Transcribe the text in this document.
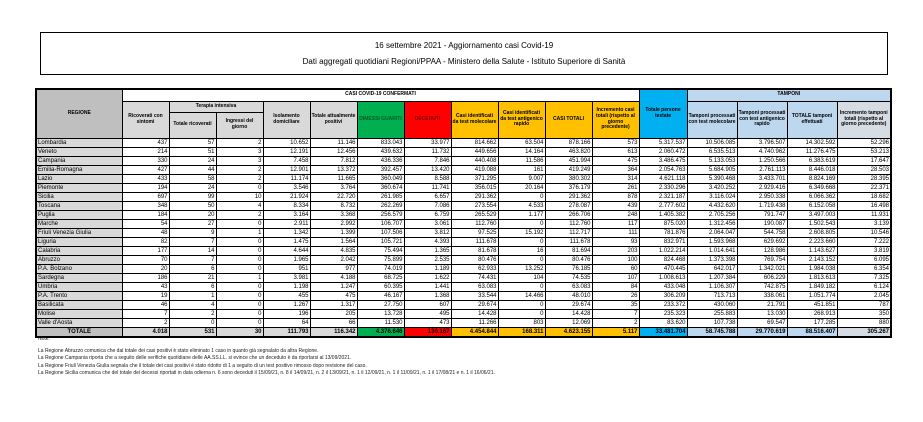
16 settembre 2021 - Aggiornamento casi Covid-19
Dati aggregati quotidiani Regioni/PPAA - Ministero della Salute - Istituto Superiore di Sanità
REGIONE	CASI COVID-19 CONFERMATI											Totale persone testate	TAMPONI			
	Ricoverati con sintomi	Terapia intensiva		Isolamento domiciliare	Totale attualmente positivi	DIMESSI GUARITI	DECEDUTI	Casi identificati da test molecolare	Casi identificati da test antigenico rapido	CASI TOTALI	Incremento casi totali (rispetto al giorno precedente)		Tamponi processati con test molecolare	Tamponi processati con test antigenico rapido	TOTALE tamponi effettuati	Incremento tamponi totali (rispetto al giorno precedente)
		Totale ricoverati	Ingressi del giorno													
Lombardia	437	57	2	10.652	11.146	833.043	33.977	814.662	63.504	878.166	573	5.317.537	10.506.085	3.796.507	14.302.592	52.296
Veneto	214	51	3	12.191	12.456	439.632	11.732	449.656	14.164	463.820	613	2.060.472	6.535.513	4.740.962	11.276.475	53.213
Campania	330	24	3	7.458	7.812	436.336	7.846	440.408	11.586	451.994	475	3.486.475	5.133.053	1.250.566	6.383.619	17.647
Emilia-Romagna	427	44	2	12.901	13.372	392.457	13.420	419.088	161	419.249	364	2.054.763	5.684.905	2.761.113	8.446.018	28.503
Lazio	433	58	2	11.174	11.665	360.049	8.588	371.295	9.007	380.302	314	4.621.118	5.390.468	3.433.701	8.824.169	28.395
Piemonte	194	24	0	3.546	3.764	360.674	11.741	356.015	20.164	376.179	261	2.330.296	3.420.252	2.929.416	6.349.668	22.371
Sicilia	697	99	10	21.924	22.720	261.985	6.657	291.362	0	291.362	878	2.321.187	3.116.024	2.950.338	6.066.362	18.682
Toscana	348	50	4	8.334	8.732	262.269	7.086	273.554	4.533	278.087	439	2.777.602	4.432.620	1.719.438	6.152.058	16.498
Puglia	184	20	2	3.164	3.368	256.579	6.759	265.529	1.177	266.706	248	1.405.382	2.705.256	791.747	3.497.003	11.931
Marche	54	27	0	2.911	2.992	106.707	3.061	112.760	0	112.760	117	875.020	1.312.456	190.087	1.502.543	3.139
Friuli Venezia Giulia	48	9	1	1.342	1.399	107.506	3.812	97.525	15.192	112.717	111	781.876	2.064.047	544.758	2.608.805	10.546
Liguria	82	7	0	1.475	1.564	105.721	4.393	111.678	0	111.678	93	832.971	1.593.968	629.692	2.223.660	7.222
Calabria	177	14	0	4.644	4.835	75.494	1.365	81.678	16	81.694	203	1.022.214	1.014.641	128.986	1.143.627	3.819
Abruzzo	70	7	0	1.965	2.042	75.899	2.535	80.476	0	80.476	100	824.468	1.373.398	769.754	2.143.152	6.095
P.A. Bolzano	20	6	0	951	977	74.019	1.189	62.933	13.252	76.185	60	470.445	642.017	1.342.021	1.984.038	6.354
Sardegna	186	21	1	3.981	4.188	68.725	1.622	74.431	104	74.535	107	1.008.613	1.207.384	606.229	1.813.613	7.325
Umbria	43	6	0	1.198	1.247	60.395	1.441	63.083	0	63.083	84	433.048	1.106.307	742.875	1.849.182	6.124
P.A. Trento	19	1	0	455	475	46.167	1.368	33.544	14.466	48.010	26	306.209	713.713	338.061	1.051.774	2.045
Basilicata	46	4	0	1.267	1.317	27.750	607	29.674	0	29.674	35	233.372	430.060	21.791	451.851	787
Molise	7	2	0	196	205	13.728	495	14.428	0	14.428	7	235.323	255.883	13.030	268.913	350
Valle d'Aosta	2	0	0	64	66	11.530	473	11.266	803	12.069	2	83.620	107.738	69.547	177.285	880
TOTALE	4.018	531	30	111.793	116.342	4.376.646	130.167	4.454.844	168.311	4.623.155	5.117	33.481.704	58.745.788	29.770.619	88.516.407	305.267
Note:
La Regione Abruzzo comunica che dal totale dei casi positivi è stato eliminato 1 caso in quanto già segnalato da altra Regione.
La Regione Campania riporta che a seguito delle verifiche quotidiane delle AA.SS.LL. si evince che un deceduto è da riportarsi al 13/09/2021.
La Regione Friuli Venezia Giulia segnala che il totale dei casi positivi è stato ridotto di 1 a seguito di un test positivo rimosso dopo revisione del caso.
La Regione Sicilia comunica che del totale dei decessi riportati in data odierna n. 6 sono deceduti il 15/09/21, n. 8 il 14/09/21, n. 2 il 13/09/21, n. 1 il 12/09/21, n. 1 il 11/09/21, n. 1 il 17/08/21 e n. 1 il 16/06/21.
